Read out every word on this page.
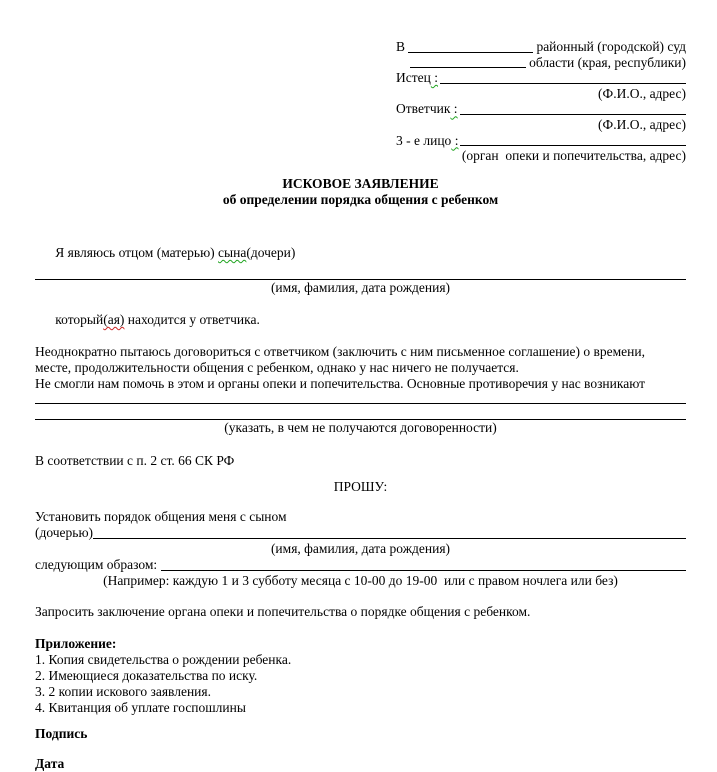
В	районный (городской) суд
области (края, республики)
Истец :
(Ф.И.О., адрес)
Ответчик :
(Ф.И.О., адрес)
3 - е лицо :
(орган  опеки и попечительства, адрес)
ИСКОВОЕ ЗАЯВЛЕНИЕ
об определении порядка общения с ребенком

Я являюсь отцом (матерью) сына(дочери)

(имя, фамилия, дата рождения)

который(ая) находится у ответчика.

Неоднократно пытаюсь договориться с ответчиком (заключить с ним письменное соглашение) о времени,
месте, продолжительности общения с ребенком, однако у нас ничего не получается.
Не смогли нам помочь в этом и органы опеки и попечительства. Основные противоречия у нас возникают
(указать, в чем не получаются договоренности)
В соответствии с п. 2 ст. 66 СК РФ
ПРОШУ:
Установить порядок общения меня с сыном
(дочерью)
(имя, фамилия, дата рождения)
следующим образом:
(Например: каждую 1 и 3 субботу месяца с 10-00 до 19-00  или с правом ночлега или без)
Запросить заключение органа опеки и попечительства о порядке общения с ребенком.
Приложение:
1. Копия свидетельства о рождении ребенка.
2. Имеющиеся доказательства по иску.
3. 2 копии искового заявления.
4. Квитанция об уплате госпошлины
Подпись
Дата
